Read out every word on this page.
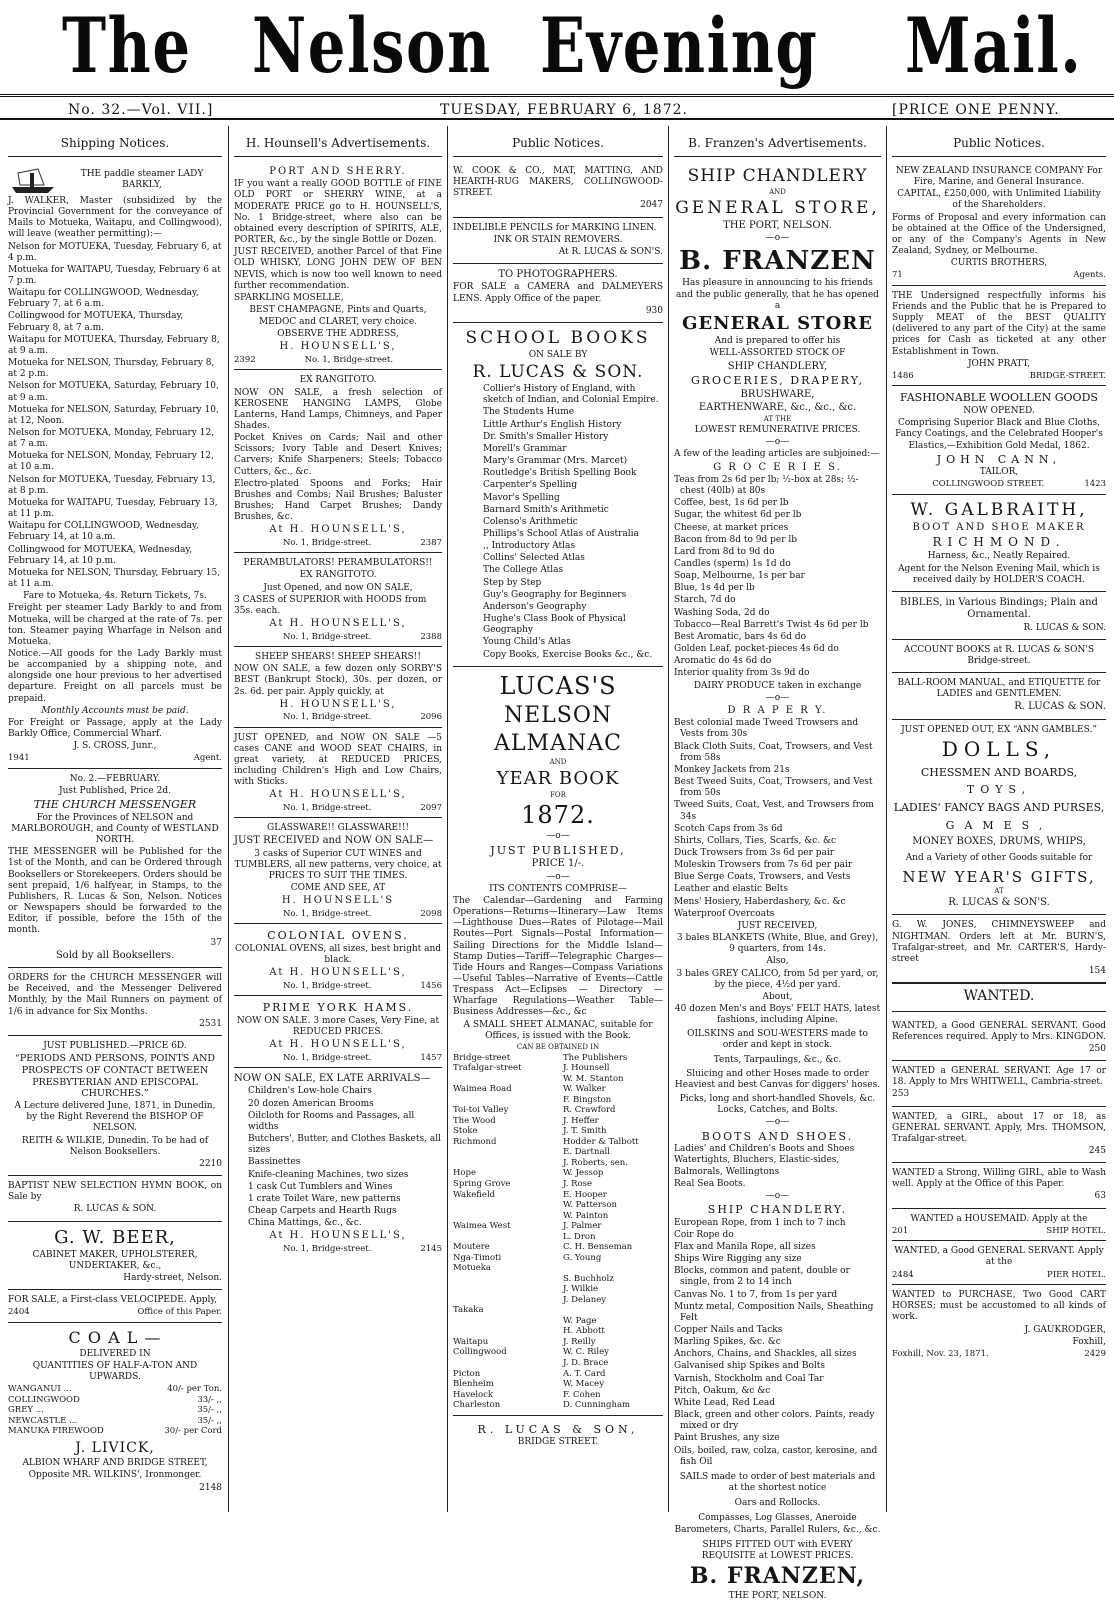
The Nelson Evening Mail.
No. 32.—Vol. VII.]	TUESDAY, FEBRUARY 6, 1872.	[PRICE ONE PENNY.
Shipping Notices.

THE paddle steamer LADY BARKLY,

J. WALKER, Master (subsidized by the Provincial Government for the conveyance of Mails to Motueka, Waitapu, and Collingwood), will leave (weather permitting):—

Nelson for MOTUEKA, Tuesday, February 6, at 4 p.m.

Motueka for WAITAPU, Tuesday, February 6 at 7 p.m.

Waitapu for COLLINGWOOD, Wednesday, February 7, at 6 a.m.

Collingwood for MOTUEKA, Thursday, February 8, at 7 a.m.

Waitapu for MOTUEKA, Thursday, February 8, at 9 a.m.

Motueka for NELSON, Thursday, February 8, at 2 p.m.

Nelson for MOTUEKA, Saturday, February 10, at 9 a.m.

Motueka for NELSON, Saturday, February 10, at 12, Noon.

Nelson for MOTUEKA, Monday, February 12, at 7 a.m.

Motueka for NELSON, Monday, February 12, at 10 a.m.

Nelson for MOTUEKA, Tuesday, February 13, at 8 p.m.

Motueka for WAITAPU, Tuesday, February 13, at 11 p.m.

Waitapu for COLLINGWOOD, Wednesday, February 14, at 10 a.m.

Collingwood for MOTUEKA, Wednesday, February 14, at 10 p.m.

Motueka for NELSON, Thursday, February 15, at 11 a.m.

Fare to Motueka, 4s. Return Tickets, 7s.

Freight per steamer Lady Barkly to and from Motueka, will be charged at the rate of 7s. per ton. Steamer paying Wharfage in Nelson and Motueka.

Notice.—All goods for the Lady Barkly must be accompanied by a shipping note, and alongside one hour previous to her advertised departure. Freight on all parcels must be prepaid.

Monthly Accounts must be paid.

For Freight or Passage, apply at the Lady Barkly Office, Commercial Wharf.

J. S. CROSS, Junr.,

1941	Agent.

No. 2.—FEBRUARY.

Just Published, Price 2d.

THE CHURCH MESSENGER

For the Provinces of NELSON and MARLBOROUGH, and County of WESTLAND NORTH.

THE MESSENGER will be Published for the 1st of the Month, and can be Ordered through Booksellers or Storekeepers. Orders should be sent prepaid, 1/6 halfyear, in Stamps, to the Publishers, R. Lucas & Son, Nelson. Notices or Newspapers should be forwarded to the Editor, if possible, before the 15th of the month.

37

Sold by all Booksellers.

ORDERS for the CHURCH MESSENGER will be Received, and the Messenger Delivered Monthly, by the Mail Runners on payment of 1/6 in advance for Six Months.

2531

JUST PUBLISHED.—PRICE 6D.

“PERIODS AND PERSONS, POINTS AND PROSPECTS OF CONTACT BETWEEN PRESBYTERIAN AND EPISCOPAL CHURCHES.”

A Lecture delivered June, 1871, in Dunedin, by the Right Reverend the BISHOP OF NELSON.

REITH & WILKIE, Dunedin. To be had of Nelson Booksellers.

2210

BAPTIST NEW SELECTION HYMN BOOK, on Sale by

R. LUCAS & SON.

G. W. BEER,

CABINET MAKER, UPHOLSTERER, UNDERTAKER, &c.,

Hardy-street, Nelson.

FOR SALE, a First-class VELOCIPEDE. Apply,

2404	Office of this Paper.

C O A L —

DELIVERED IN

QUANTITIES OF HALF-A-TON AND UPWARDS.

WANGANUI ...	40/- per Ton.
COLLINGWOOD	33/- ,,
GREY ...	35/- ,,
NEWCASTLE ...	35/- ,,
MANUKA FIREWOOD	30/- per Cord

J. LIVICK,

ALBION WHARF AND BRIDGE STREET,

Opposite MR. WILKINS', Ironmonger.

2148

H. Hounsell's Advertisements.

PORT AND SHERRY.

IF you want a really GOOD BOTTLE of FINE OLD PORT or SHERRY WINE, at a MODERATE PRICE go to H. HOUNSELL'S, No. 1 Bridge-street, where also can be obtained every description of SPIRITS, ALE, PORTER, &c., by the single Bottle or Dozen.

JUST RECEIVED, another Parcel of that Fine OLD WHISKY, LONG JOHN DEW OF BEN NEVIS, which is now too well known to need further recommendation.

SPARKLING MOSELLE,

BEST CHAMPAGNE, Pints and Quarts,

MEDOC and CLARET, very choice.

OBSERVE THE ADDRESS,

H. HOUNSELL'S,

2392	No. 1, Bridge-street.

EX RANGITOTO.

NOW ON SALE, a fresh selection of KEROSENE HANGING LAMPS, Globe Lanterns, Hand Lamps, Chimneys, and Paper Shades.

Pocket Knives on Cards; Nail and other Scissors; Ivory Table and Desert Knives; Carvers; Knife Sharpeners; Steels; Tobacco Cutters, &c., &c.

Electro-plated Spoons and Forks; Hair Brushes and Combs; Nail Brushes; Baluster Brushes; Hand Carpet Brushes; Dandy Brushes, &c.

At H. HOUNSELL'S,

No. 1, Bridge-street.	2387

PERAMBULATORS! PERAMBULATORS!!

EX RANGITOTO.

Just Opened, and now ON SALE,

3 CASES of SUPERIOR with HOODS from 35s. each.

At H. HOUNSELL'S,

No. 1, Bridge-street.	2388

SHEEP SHEARS! SHEEP SHEARS!!

NOW ON SALE, a few dozen only SORBY'S BEST (Bankrupt Stock), 30s. per dozen, or 2s. 6d. per pair. Apply quickly, at

H. HOUNSELL'S,

No. 1, Bridge-street.	2096

JUST OPENED, and NOW ON SALE —5 cases CANE and WOOD SEAT CHAIRS, in great variety, at REDUCED PRICES, including Children's High and Low Chairs, with Sticks.

At H. HOUNSELL'S,

No. 1, Bridge-street.	2097

GLASSWARE!! GLASSWARE!!!

JUST RECEIVED and NOW ON SALE—

3 casks of Superior CUT WINES and TUMBLERS, all new patterns, very choice, at PRICES TO SUIT THE TIMES.

COME AND SEE, AT

H. HOUNSELL'S

No. 1, Bridge-street.	2098

COLONIAL OVENS.

COLONIAL OVENS, all sizes, best bright and black.

At H. HOUNSELL'S,

No. 1, Bridge-street.	1456

PRIME YORK HAMS.

NOW ON SALE. 3 more Cases, Very Fine, at REDUCED PRICES.

At H. HOUNSELL'S,

No. 1, Bridge-street.	1457

NOW ON SALE, EX LATE ARRIVALS—

Children's Low-hole Chairs

20 dozen American Brooms

Oilcloth for Rooms and Passages, all widths

Butchers', Butter, and Clothes Baskets, all sizes

Bassinettes

Knife-cleaning Machines, two sizes

1 cask Cut Tumblers and Wines

1 crate Toilet Ware, new patterns

Cheap Carpets and Hearth Rugs

China Mattings, &c., &c.

At H. HOUNSELL'S,

No. 1, Bridge-street.	2145
Public Notices.

W. COOK & CO., MAT, MATTING, AND HEARTH-RUG MAKERS, COLLINGWOOD-STREET.

2047

INDELIBLE PENCILS for MARKING LINEN.

INK OR STAIN REMOVERS.

At R. LUCAS & SON'S.

TO PHOTOGRAPHERS.

FOR SALE a CAMERA and DALMEYERS LENS. Apply Office of the paper.

930

SCHOOL BOOKS

ON SALE BY

R. LUCAS & SON.

Collier's History of England, with sketch of Indian, and Colonial Empire.

The Students Hume

Little Arthur's English History

Dr. Smith's Smaller History

Morell's Grammar

Mary's Grammar (Mrs. Marcet)

Routledge's British Spelling Book

Carpenter's Spelling

Mavor's Spelling

Barnard Smith's Arithmetic

Colenso's Arithmetic

Phillips's School Atlas of Australia

,, Introductory Atlas

Collins' Selected Atlas

The College Atlas

Step by Step

Guy's Geography for Beginners

Anderson's Geography

Hughe's Class Book of Physical Geography

Young Child's Atlas

Copy Books, Exercise Books &c., &c.

LUCAS'S

NELSON ALMANAC

AND

YEAR BOOK

FOR

1872.

—o—

JUST PUBLISHED,

PRICE 1/-.

—o—

ITS CONTENTS COMPRISE—

The Calendar—Gardening and Farming Operations—Returns—Itinerary—Law Items—Lighthouse Dues—Rates of Pilotage—Mail Routes—Port Signals—Postal Information—Sailing Directions for the Middle Island—Stamp Duties—Tariff—Telegraphic Charges—Tide Hours and Ranges—Compass Variations—Useful Tables—Narrative of Events—Cattle Trespass Act—Eclipses — Directory — Wharfage Regulations—Weather Table—Business Addresses—&c., &c

A SMALL SHEET ALMANAC, suitable for Offices, is issued with the Book.

CAN BE OBTAINED IN

Bridge-street	The Publishers
Trafalgar-street	J. Hounsell
W. M. Stanton
Waimea Road	W. Walker
F. Bingston
Toi-toi Valley	R. Crawford
The Wood	J. Heffer
Stoke	J. T. Smith
Richmond	Hodder & Talbott
E. Dartnall
J. Roberts, sen.
Hope	W. Jessop
Spring Grove	J. Rose
Wakefield	E. Hooper
W. Patterson
W. Painton
Waimea West	J. Palmer
L. Dron
Moutere	C. H. Benseman
Nga-Timoti	G. Young
Motueka
S. Buchholz
J. Wilkie
J. Delaney
Takaka
W. Page
H. Abbott
Waitapu	J. Reilly
Collingwood	W. C. Riley
J. D. Brace
Picton	A. T. Card
Blenheim	W. Macey
Havelock	F. Cohen
Charleston	D. Cunningham

R. LUCAS & SON,

BRIDGE STREET.

B. Franzen's Advertisements.

SHIP CHANDLERY

AND

GENERAL STORE,

THE PORT, NELSON.

—o—

B. FRANZEN

Has pleasure in announcing to his friends and the public generally, that he has opened a

GENERAL STORE

And is prepared to offer his

WELL-ASSORTED STOCK OF

SHIP CHANDLERY,

GROCERIES, DRAPERY,

BRUSHWARE,

EARTHENWARE, &c., &c., &c.

AT THE

LOWEST REMUNERATIVE PRICES.

—o—

A few of the leading articles are subjoined:—

G R O C E R I E S.

Teas from 2s 6d per lb; ½-box at 28s; ½-chest (40lb) at 80s

Coffee, best, 1s 6d per lb

Sugar, the whitest 6d per lb

Cheese, at market prices

Bacon from 8d to 9d per lb

Lard from 8d to 9d do

Candles (sperm) 1s 1d do

Soap, Melbourne, 1s per bar

Blue, 1s 4d per lb

Starch, 7d do

Washing Soda, 2d do

Tobacco—Real Barrett's Twist 4s 6d per lb

Best Aromatic, bars 4s 6d do

Golden Leaf, pocket-pieces 4s 6d do

Aromatic do 4s 6d do

Interior quality from 3s 9d do

DAIRY PRODUCE taken in exchange

—o—

D R A P E R Y.

Best colonial made Tweed Trowsers and Vests from 30s

Black Cloth Suits, Coat, Trowsers, and Vest from 58s

Monkey Jackets from 21s

Best Tweed Suits, Coat, Trowsers, and Vest from 50s

Tweed Suits, Coat, Vest, and Trowsers from 34s

Scotch Caps from 3s 6d

Shirts, Collars, Ties, Scarfs, &c. &c

Duck Trowsers from 3s 6d per pair

Moleskin Trowsers from 7s 6d per pair

Blue Serge Coats, Trowsers, and Vests

Leather and elastic Belts

Mens' Hosiery, Haberdashery, &c. &c

Waterproof Overcoats

JUST RECEIVED,

3 bales BLANKETS (White, Blue, and Grey), 9 quarters, from 14s.

Also,

3 bales GREY CALICO, from 5d per yard, or, by the piece, 4½d per yard.

About,

40 dozen Men's and Boys' FELT HATS, latest fashions, including Alpine.

OILSKINS and SOU-WESTERS made to order and kept in stock.

Tents, Tarpaulings, &c., &c.

Sluicing and other Hoses made to order Heaviest and best Canvas for diggers' hoses.

Picks, long and short-handled Shovels, &c. Locks, Catches, and Bolts.

—o—

BOOTS AND SHOES.

Ladies' and Children's Boots and Shoes Watertights, Bluchers, Elastic-sides, Balmorals, Wellingtons

Real Sea Boots.

—o—

SHIP CHANDLERY.

European Rope, from 1 inch to 7 inch

Coir Rope do

Flax and Manila Rope, all sizes

Ships Wire Rigging any size

Blocks, common and patent, double or single, from 2 to 14 inch

Canvas No. 1 to 7, from 1s per yard

Muntz metal, Composition Nails, Sheathing Felt

Copper Nails and Tacks

Marling Spikes, &c. &c

Anchors, Chains, and Shackles, all sizes

Galvanised ship Spikes and Bolts

Varnish, Stockholm and Coal Tar

Pitch, Oakum, &c &c

White Lead, Red Lead

Black, green and other colors. Paints, ready mixed or dry

Paint Brushes, any size

Oils, boiled, raw, colza, castor, kerosine, and fish Oil

SAILS made to order of best materials and at the shortest notice

Oars and Rollocks.

Compasses, Log Glasses, Aneroide Barometers, Charts, Parallel Rulers, &c., &c.

SHIPS FITTED OUT with EVERY REQUISITE at LOWEST PRICES.

B. FRANZEN,

THE PORT, NELSON.

Public Notices.

NEW ZEALAND INSURANCE COMPANY For Fire, Marine, and General Insurance.

CAPITAL, £250,000, with Unlimited Liability of the Shareholders.

Forms of Proposal and every information can be obtained at the Office of the Undersigned, or any of the Company's Agents in New Zealand, Sydney, or Melbourne.

CURTIS BROTHERS,

71	Agents.

THE Undersigned respectfully informs his Friends and the Public that he is Prepared to Supply MEAT of the BEST QUALITY (delivered to any part of the City) at the same prices for Cash as ticketed at any other Establishment in Town.

JOHN PRATT,

1486	BRIDGE-STREET.

FASHIONABLE WOOLLEN GOODS

NOW OPENED.

Comprising Superior Black and Blue Cloths, Fancy Coatings, and the Celebrated Hooper's Elastics,—Exhibition Gold Medal, 1862.

JOHN CANN,

TAILOR,

COLLINGWOOD STREET.	1423

W. GALBRAITH,

BOOT AND SHOE MAKER

RICHMOND.

Harness, &c., Neatly Repaired.

Agent for the Nelson Evening Mail, which is received daily by HOLDER'S COACH.

BIBLES, in Various Bindings; Plain and Ornamental.

R. LUCAS & SON.

ACCOUNT BOOKS at R. LUCAS & SON'S Bridge-street.

BALL-ROOM MANUAL, and ETIQUETTE for LADIES and GENTLEMEN.

R. LUCAS & SON.

JUST OPENED OUT, EX “ANN GAMBLES.”

DOLLS,

CHESSMEN AND BOARDS,

TOYS,

LADIES' FANCY BAGS AND PURSES,

GAMES,

MONEY BOXES, DRUMS, WHIPS,

And a Variety of other Goods suitable for

NEW YEAR'S GIFTS,

AT

R. LUCAS & SON'S.

G. W. JONES, CHIMNEYSWEEP and NIGHTMAN. Orders left at Mr. BURN'S, Trafalgar-street, and Mr. CARTER'S, Hardy-street

154

WANTED.

WANTED, a Good GENERAL SERVANT. Good References required. Apply to Mrs. KINGDON.

250

WANTED a GENERAL SERVANT. Age 17 or 18. Apply to Mrs WHITWELL, Cambria-street.

253

WANTED, a GIRL, about 17 or 18, as GENERAL SERVANT. Apply, Mrs. THOMSON, Trafalgar-street.

245

WANTED a Strong, Willing GIRL, able to Wash well. Apply at the Office of this Paper.

63

WANTED a HOUSEMAID. Apply at the

201	SHIP HOTEL.

WANTED, a Good GENERAL SERVANT. Apply at the

2484	PIER HOTEL.

WANTED to PURCHASE, Two Good CART HORSES; must be accustomed to all kinds of work.

J. GAUKRODGER,

Foxhill,

Foxhill, Nov. 23, 1871.	2429
